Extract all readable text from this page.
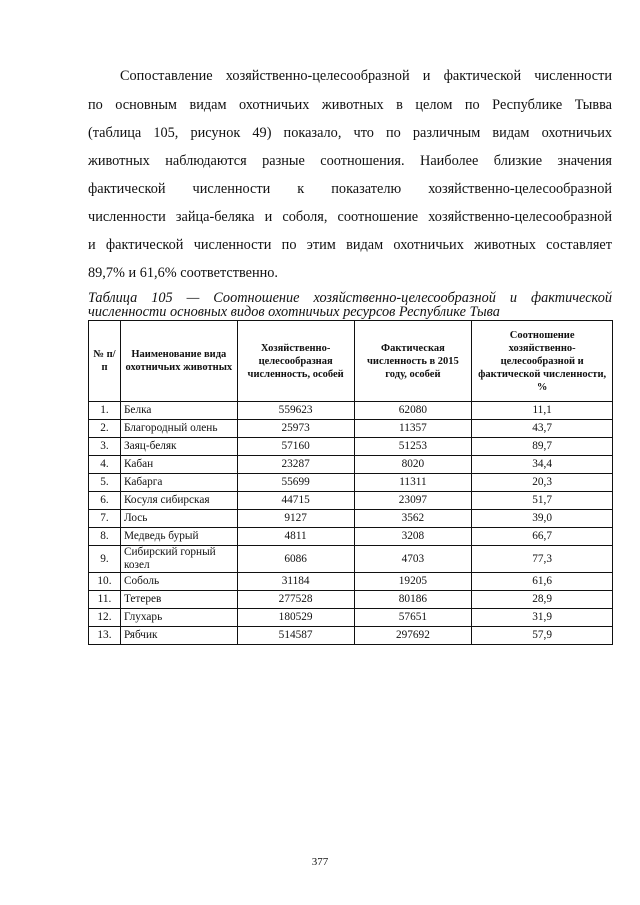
Сопоставление хозяйственно-целесообразной и фактической численности
по основным видам охотничьих животных в целом по Республике Тывва
(таблица 105, рисунок 49) показало, что по различным видам охотничьих
животных наблюдаются разные соотношения. Наиболее близкие значения
фактической численности к показателю хозяйственно-целесообразной
численности зайца-беляка и соболя, соотношение хозяйственно-целесообразной
и фактической численности по этим видам охотничьих животных составляет
89,7% и 61,6% соответственно.
Таблица 105 — Соотношение хозяйственно-целесообразной и фактической
численности основных видов охотничьих ресурсов Республике Тыва
№ п/п	Наименование вида охотничьих животных	Хозяйственно-целесообразная численность, особей	Фактическая численность в 2015 году, особей	Соотношение хозяйственно-целесообразной и фактической численности, %
1.	Белка	559623	62080	11,1
2.	Благородный олень	25973	11357	43,7
3.	Заяц-беляк	57160	51253	89,7
4.	Кабан	23287	8020	34,4
5.	Кабарга	55699	11311	20,3
6.	Косуля сибирская	44715	23097	51,7
7.	Лось	9127	3562	39,0
8.	Медведь бурый	4811	3208	66,7
9.	Сибирский горный козел	6086	4703	77,3
10.	Соболь	31184	19205	61,6
11.	Тетерев	277528	80186	28,9
12.	Глухарь	180529	57651	31,9
13.	Рябчик	514587	297692	57,9
377
